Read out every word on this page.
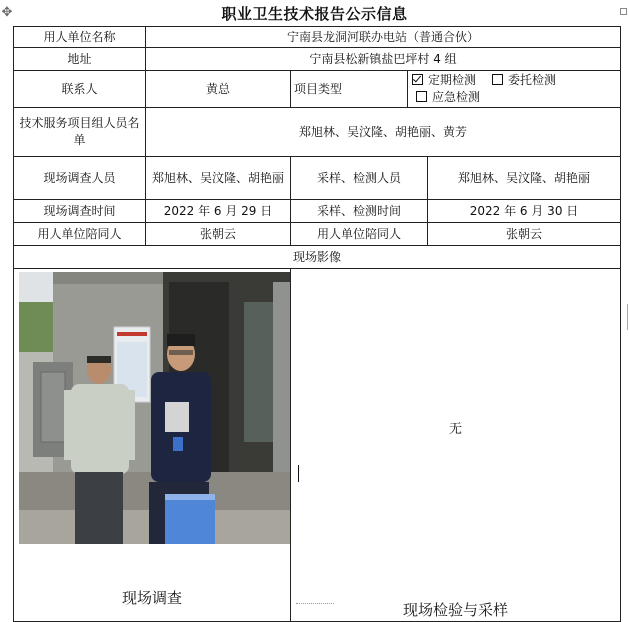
✥	职业卫生技术报告公示信息
用人单位名称	宁南县龙洞河联办电站（普通合伙）			
地址	宁南县松新镇盐巴坪村 4 组			
联系人	黄总	项目类型	定期检测 委托检测应急检测	
技术服务项目组人员名单	郑旭林、吴汶隆、胡艳丽、黄芳			
现场调查人员	郑旭林、吴汶隆、胡艳丽	采样、检测人员		郑旭林、吴汶隆、胡艳丽
现场调查时间	2022 年 6 月 29 日	采样、检测时间		2022 年 6 月 30 日
用人单位陪同人	张朝云	用人单位陪同人		张朝云
现场影像				

现场调查		无
现场检验与采样		
